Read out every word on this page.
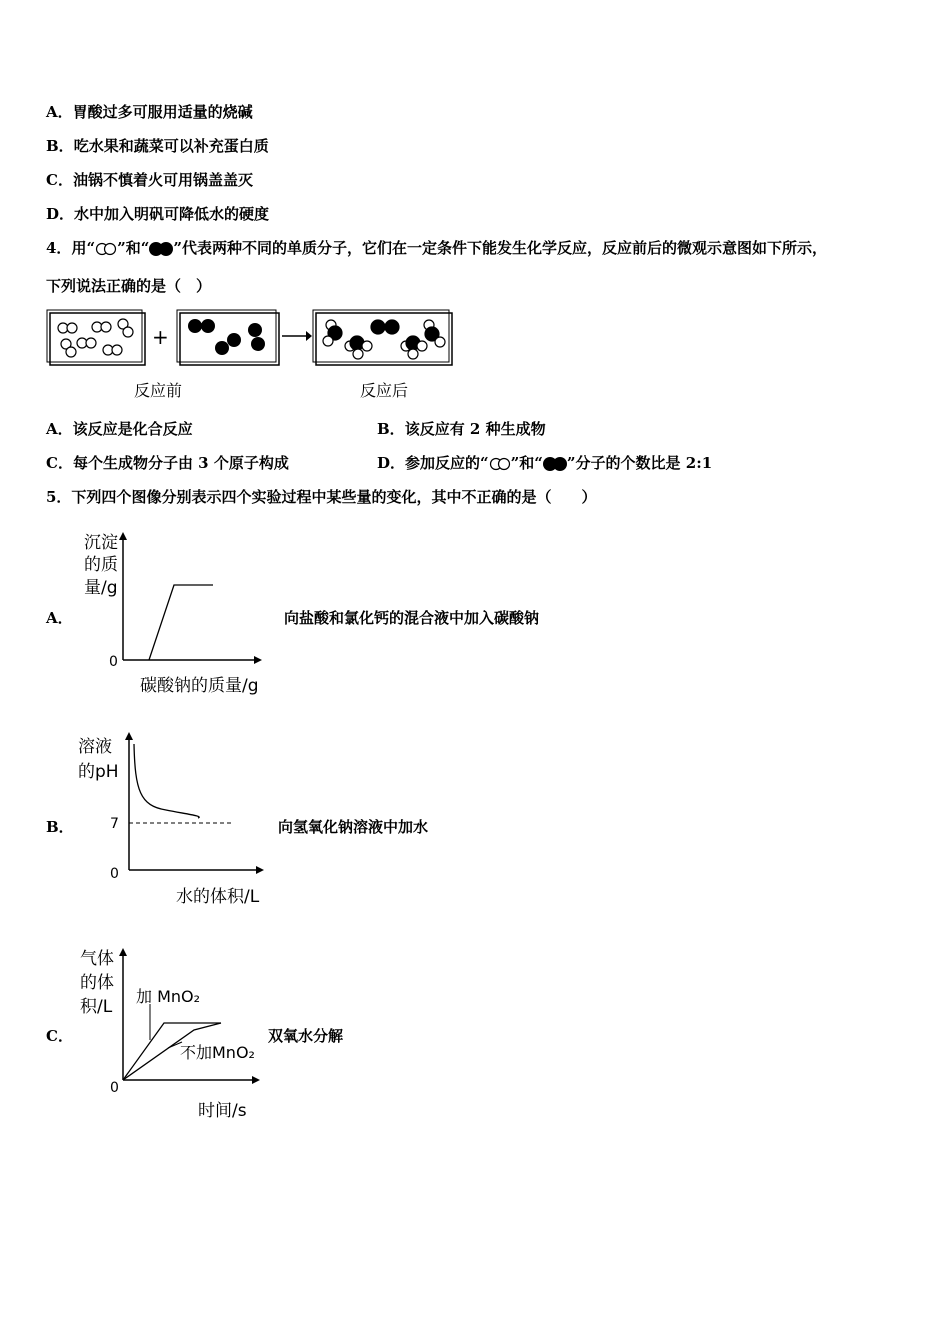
A．胃酸过多可服用适量的烧碱
B．吃水果和蔬菜可以补充蛋白质
C．油锅不慎着火可用锅盖盖灭
D．水中加入明矾可降低水的硬度
4．用“ ”和“ ”代表两种不同的单质分子，它们在一定条件下能发生化学反应，反应前后的微观示意图如下所示，
下列说法正确的是（　）
+
反应前	反应后
A．该反应是化合反应	B．该反应有 2 种生成物
C．每个生成物分子由 3 个原子构成	D．参加反应的“ ”和“ ”分子的个数比是 2:1
5．下列四个图像分别表示四个实验过程中某些量的变化，其中不正确的是（　　）
A．
沉淀
的质
量/g
0
碳酸钠的质量/g
向盐酸和氯化钙的混合液中加入碳酸钠
B．
溶液
的pH
7
0
水的体积/L
向氢氧化钠溶液中加水
C．
气体
的体
积/L
0
加 MnO₂
不加MnO₂
时间/s
双氧水分解
